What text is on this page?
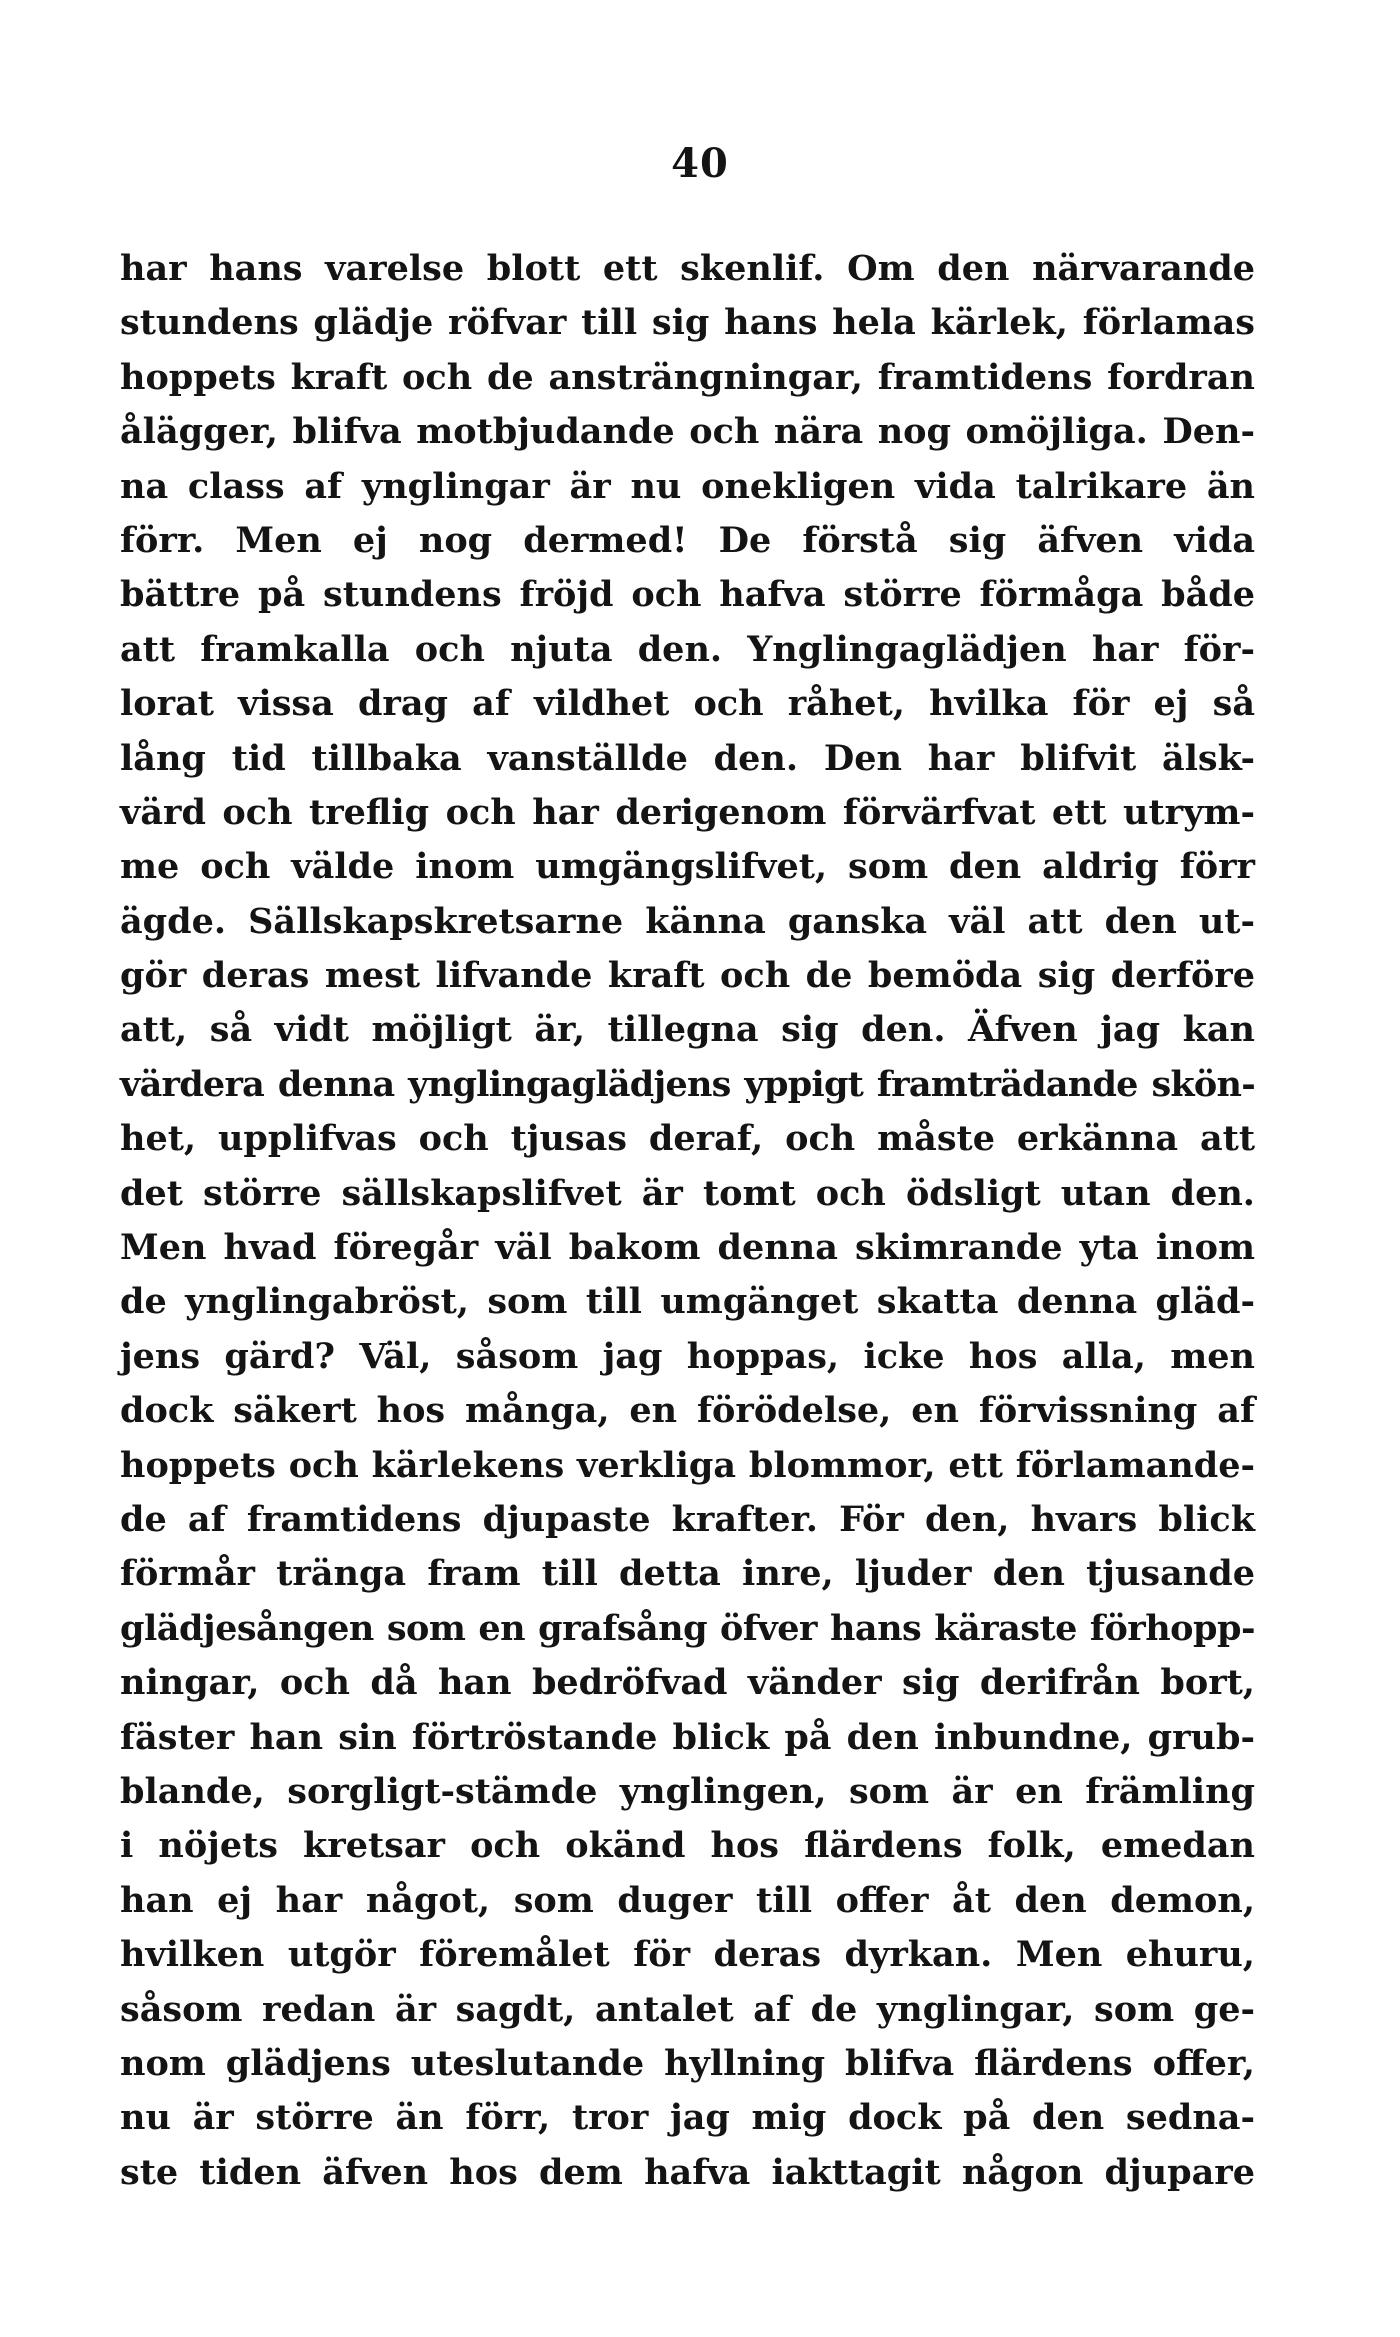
40
har hans varelse blott ett skenlif. Om den närvarande
stundens glädje röfvar till sig hans hela kärlek, förlamas
hoppets kraft och de ansträngningar, framtidens fordran
ålägger, blifva motbjudande och nära nog omöjliga. Den-
na class af ynglingar är nu onekligen vida talrikare än
förr. Men ej nog dermed! De förstå sig äfven vida
bättre på stundens fröjd och hafva större förmåga både
att framkalla och njuta den. Ynglingaglädjen har för-
lorat vissa drag af vildhet och råhet, hvilka för ej så
lång tid tillbaka vanställde den. Den har blifvit älsk-
värd och treflig och har derigenom förvärfvat ett utrym-
me och välde inom umgängslifvet, som den aldrig förr
ägde. Sällskapskretsarne känna ganska väl att den ut-
gör deras mest lifvande kraft och de bemöda sig derföre
att, så vidt möjligt är, tillegna sig den. Äfven jag kan
värdera denna ynglingaglädjens yppigt framträdande skön-
het, upplifvas och tjusas deraf, och måste erkänna att
det större sällskapslifvet är tomt och ödsligt utan den.
Men hvad föregår väl bakom denna skimrande yta inom
de ynglingabröst, som till umgänget skatta denna gläd-
jens gärd? Väl, såsom jag hoppas, icke hos alla, men
dock säkert hos många, en förödelse, en förvissning af
hoppets och kärlekens verkliga blommor, ett förlamande-
de af framtidens djupaste krafter. För den, hvars blick
förmår tränga fram till detta inre, ljuder den tjusande
glädjesången som en grafsång öfver hans käraste förhopp-
ningar, och då han bedröfvad vänder sig derifrån bort,
fäster han sin förtröstande blick på den inbundne, grub-
blande, sorgligt-stämde ynglingen, som är en främling
i nöjets kretsar och okänd hos flärdens folk, emedan
han ej har något, som duger till offer åt den demon,
hvilken utgör föremålet för deras dyrkan. Men ehuru,
såsom redan är sagdt, antalet af de ynglingar, som ge-
nom glädjens uteslutande hyllning blifva flärdens offer,
nu är större än förr, tror jag mig dock på den sedna-
ste tiden äfven hos dem hafva iakttagit någon djupare
